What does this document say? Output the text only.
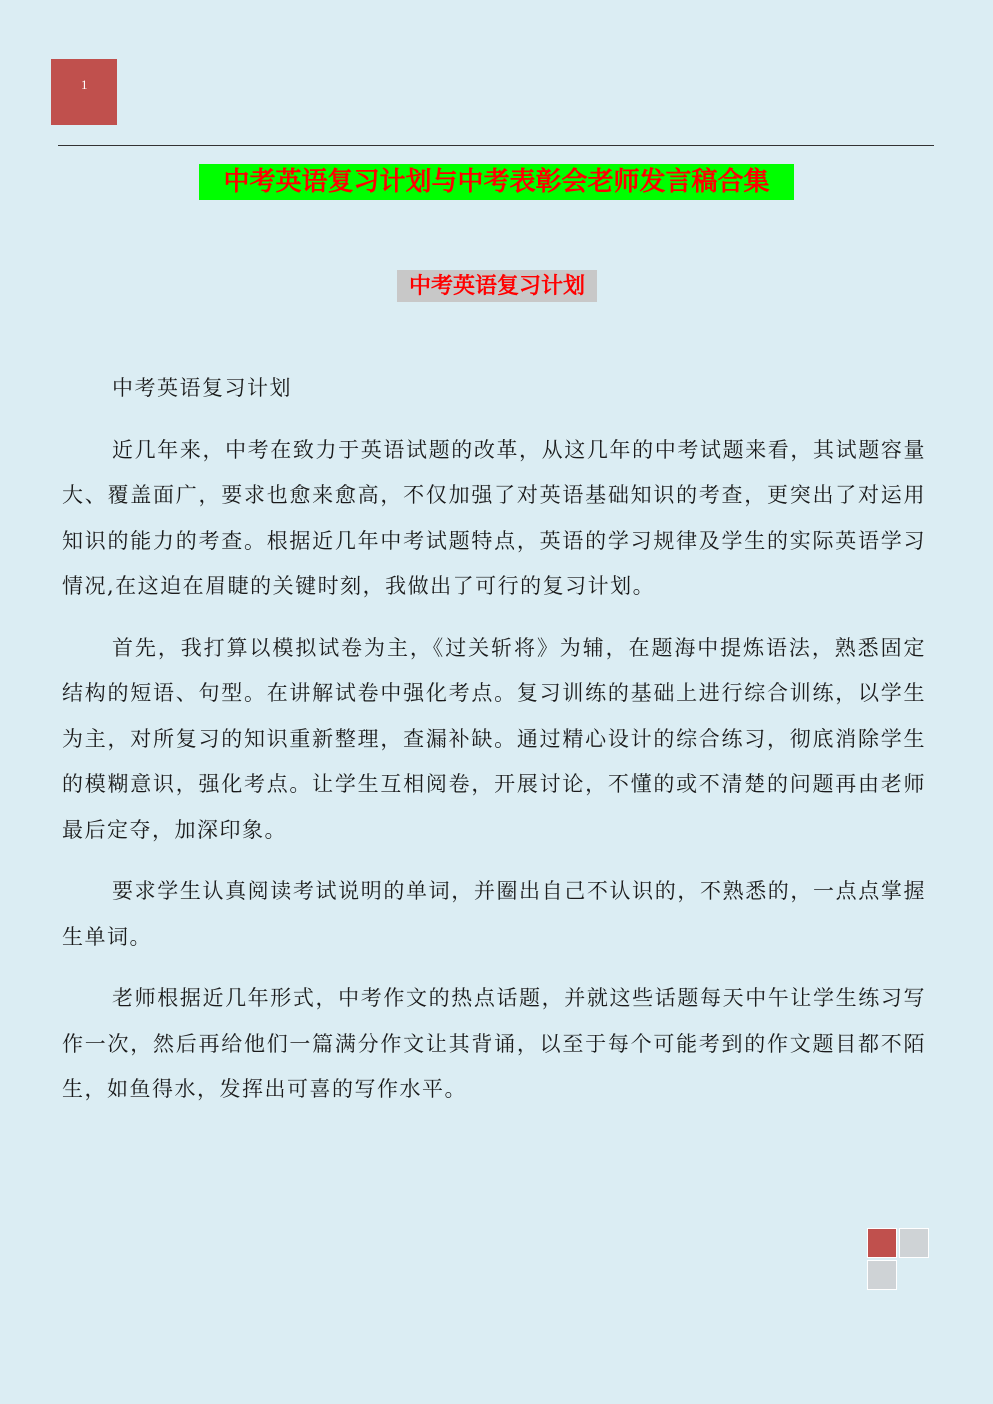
1
中考英语复习计划与中考表彰会老师发言稿合集
中考英语复习计划

中考英语复习计划

近几年来，中考在致力于英语试题的改革，从这几年的中考试题来看，其试题容量大、覆盖面广，要求也愈来愈高，不仅加强了对英语基础知识的考查，更突出了对运用知识的能力的考查。根据近几年中考试题特点，英语的学习规律及学生的实际英语学习情况,在这迫在眉睫的关键时刻，我做出了可行的复习计划。

首先，我打算以模拟试卷为主，《过关斩将》为辅，在题海中提炼语法，熟悉固定结构的短语、句型。在讲解试卷中强化考点。复习训练的基础上进行综合训练，以学生为主，对所复习的知识重新整理，查漏补缺。通过精心设计的综合练习，彻底消除学生的模糊意识，强化考点。让学生互相阅卷，开展讨论，不懂的或不清楚的问题再由老师最后定夺，加深印象。

要求学生认真阅读考试说明的单词，并圈出自己不认识的，不熟悉的，一点点掌握生单词。

老师根据近几年形式，中考作文的热点话题，并就这些话题每天中午让学生练习写作一次，然后再给他们一篇满分作文让其背诵，以至于每个可能考到的作文题目都不陌生，如鱼得水，发挥出可喜的写作水平。
